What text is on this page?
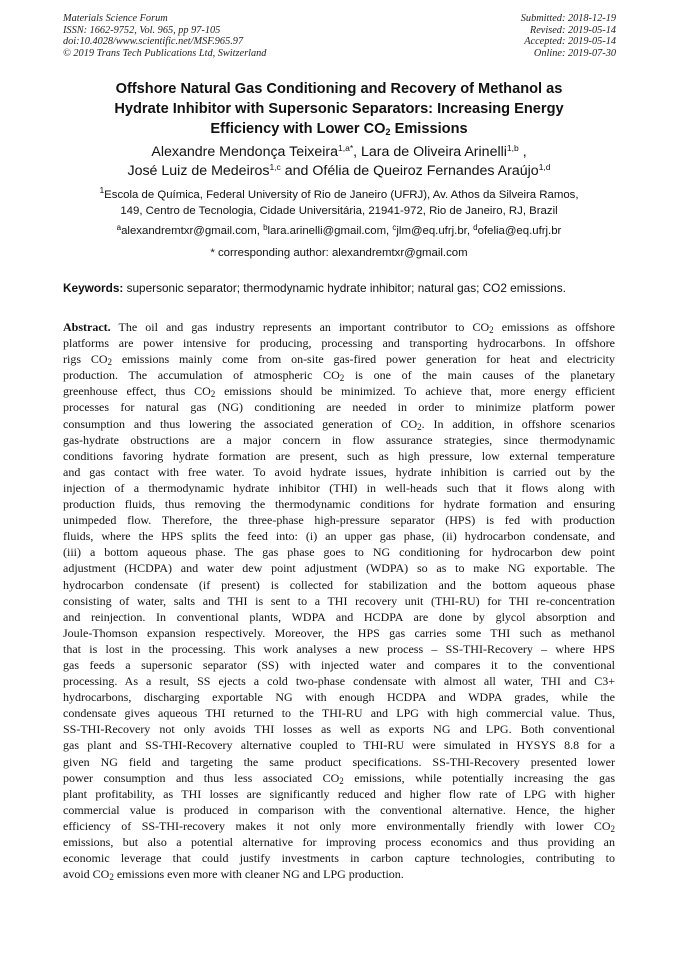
Materials Science Forum
ISSN: 1662-9752, Vol. 965, pp 97-105
doi:10.4028/www.scientific.net/MSF.965.97
© 2019 Trans Tech Publications Ltd, Switzerland
Submitted: 2018-12-19
Revised: 2019-05-14
Accepted: 2019-05-14
Online: 2019-07-30
Offshore Natural Gas Conditioning and Recovery of Methanol as
Hydrate Inhibitor with Supersonic Separators: Increasing Energy
Efficiency with Lower $CO_2$ Emissions
Alexandre Mendonça Teixeira$^{1,a*}$, Lara de Oliveira Arinelli$^{1,b}$ ,
José Luiz de Medeiros$^{1,c}$ and Ofélia de Queiroz Fernandes Araújo$^{1,d}$
$^1$Escola de Química, Federal University of Rio de Janeiro (UFRJ), Av. Athos da Silveira Ramos,
149, Centro de Tecnologia, Cidade Universitária, 21941-972, Rio de Janeiro, RJ, Brazil
$^a$alexandremtxr@gmail.com, $^b$lara.arinelli@gmail.com, $^c$jlm@eq.ufrj.br, $^d$ofelia@eq.ufrj.br
* corresponding author: alexandremtxr@gmail.com
Keywords: supersonic separator; thermodynamic hydrate inhibitor; natural gas; CO2 emissions.
Abstract. The oil and gas industry represents an important contributor to $CO_2$ emissions as offshore
platforms are power intensive for producing, processing and transporting hydrocarbons. In offshore
rigs $CO_2$ emissions mainly come from on-site gas-fired power generation for heat and electricity
production. The accumulation of atmospheric $CO_2$ is one of the main causes of the planetary
greenhouse effect, thus $CO_2$ emissions should be minimized. To achieve that, more energy efficient
processes for natural gas (NG) conditioning are needed in order to minimize platform power
consumption and thus lowering the associated generation of $CO_2$. In addition, in offshore scenarios
gas-hydrate obstructions are a major concern in flow assurance strategies, since thermodynamic
conditions favoring hydrate formation are present, such as high pressure, low external temperature
and gas contact with free water. To avoid hydrate issues, hydrate inhibition is carried out by the
injection of a thermodynamic hydrate inhibitor (THI) in well-heads such that it flows along with
production fluids, thus removing the thermodynamic conditions for hydrate formation and ensuring
unimpeded flow. Therefore, the three-phase high-pressure separator (HPS) is fed with production
fluids, where the HPS splits the feed into: (i) an upper gas phase, (ii) hydrocarbon condensate, and
(iii) a bottom aqueous phase. The gas phase goes to NG conditioning for hydrocarbon dew point
adjustment (HCDPA) and water dew point adjustment (WDPA) so as to make NG exportable. The
hydrocarbon condensate (if present) is collected for stabilization and the bottom aqueous phase
consisting of water, salts and THI is sent to a THI recovery unit (THI-RU) for THI re-concentration
and reinjection. In conventional plants, WDPA and HCDPA are done by glycol absorption and
Joule-Thomson expansion respectively. Moreover, the HPS gas carries some THI such as methanol
that is lost in the processing. This work analyses a new process – SS-THI-Recovery – where HPS
gas feeds a supersonic separator (SS) with injected water and compares it to the conventional
processing. As a result, SS ejects a cold two-phase condensate with almost all water, THI and C3+
hydrocarbons, discharging exportable NG with enough HCDPA and WDPA grades, while the
condensate gives aqueous THI returned to the THI-RU and LPG with high commercial value. Thus,
SS-THI-Recovery not only avoids THI losses as well as exports NG and LPG. Both conventional
gas plant and SS-THI-Recovery alternative coupled to THI-RU were simulated in HYSYS 8.8 for a
given NG field and targeting the same product specifications. SS-THI-Recovery presented lower
power consumption and thus less associated $CO_2$ emissions, while potentially increasing the gas
plant profitability, as THI losses are significantly reduced and higher flow rate of LPG with higher
commercial value is produced in comparison with the conventional alternative. Hence, the higher
efficiency of SS-THI-recovery makes it not only more environmentally friendly with lower $CO_2$
emissions, but also a potential alternative for improving process economics and thus providing an
economic leverage that could justify investments in carbon capture technologies, contributing to
avoid $CO_2$ emissions even more with cleaner NG and LPG production.
